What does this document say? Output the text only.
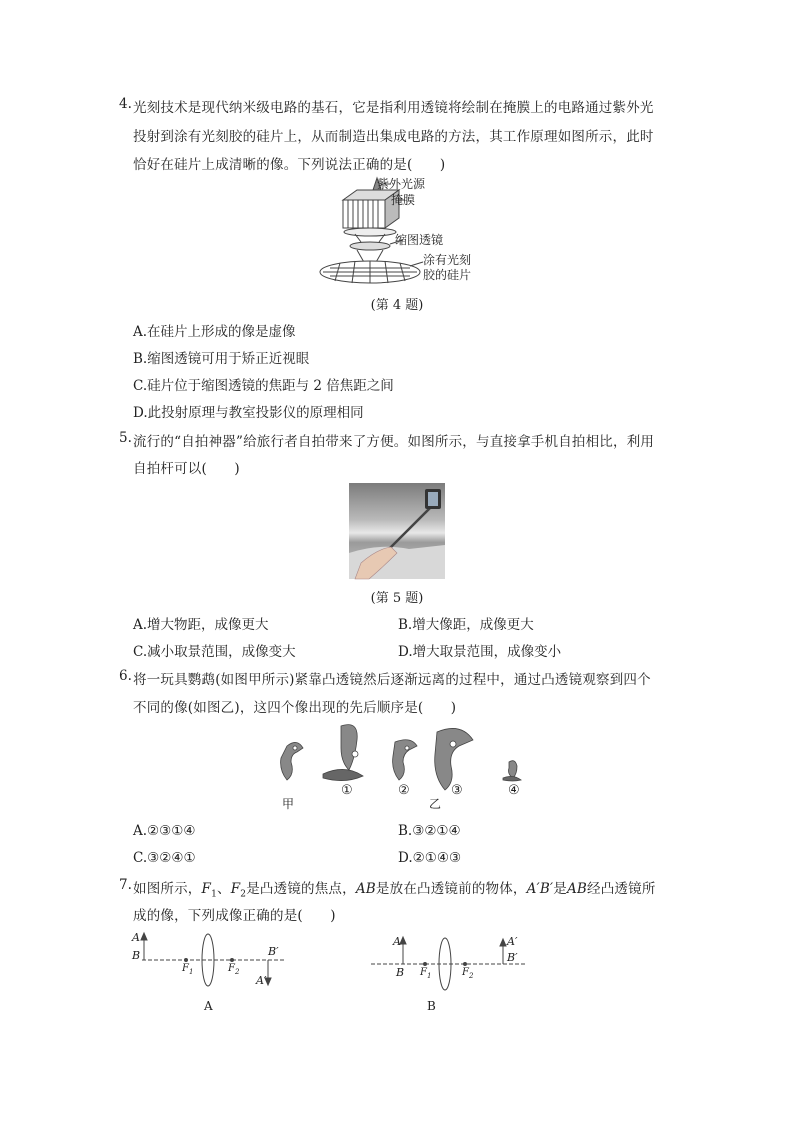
4. 光刻技术是现代纳米级电路的基石，它是指利用透镜将绘制在掩膜上的电路通过紫外光
投射到涂有光刻胶的硅片上，从而制造出集成电路的方法，其工作原理如图所示，此时
恰好在硅片上成清晰的像。下列说法正确的是(　　)
紫外光源
掩膜
缩图透镜
涂有光刻
胶的硅片
(第 4 题)
A.在硅片上形成的像是虚像
B.缩图透镜可用于矫正近视眼
C.硅片位于缩图透镜的焦距与 2 倍焦距之间
D.此投射原理与教室投影仪的原理相同
5. 流行的“自拍神器”给旅行者自拍带来了方便。如图所示，与直接拿手机自拍相比，利用
自拍杆可以(　　)
(第 5 题)
A.增大物距，成像更大	B.增大像距，成像更大
C.减小取景范围，成像变大	D.增大取景范围，成像变小
6. 将一玩具鹦鹉(如图甲所示)紧靠凸透镜然后逐渐远离的过程中，通过凸透镜观察到四个
不同的像(如图乙)，这四个像出现的先后顺序是(　　)
甲
①	②
乙
③	④
A.②③①④	B.③②①④
C.③②④①	D.②①④③
7. 如图所示，$F_1$、$F_2$是凸透镜的焦点，AB是放在凸透镜前的物体，A′B′是AB经凸透镜所
成的像，下列成像正确的是(　　)
A
B
$F_1$	$F_2$
B′
A′
A
A
B $F_1$	$F_2$
A′
B′
B
